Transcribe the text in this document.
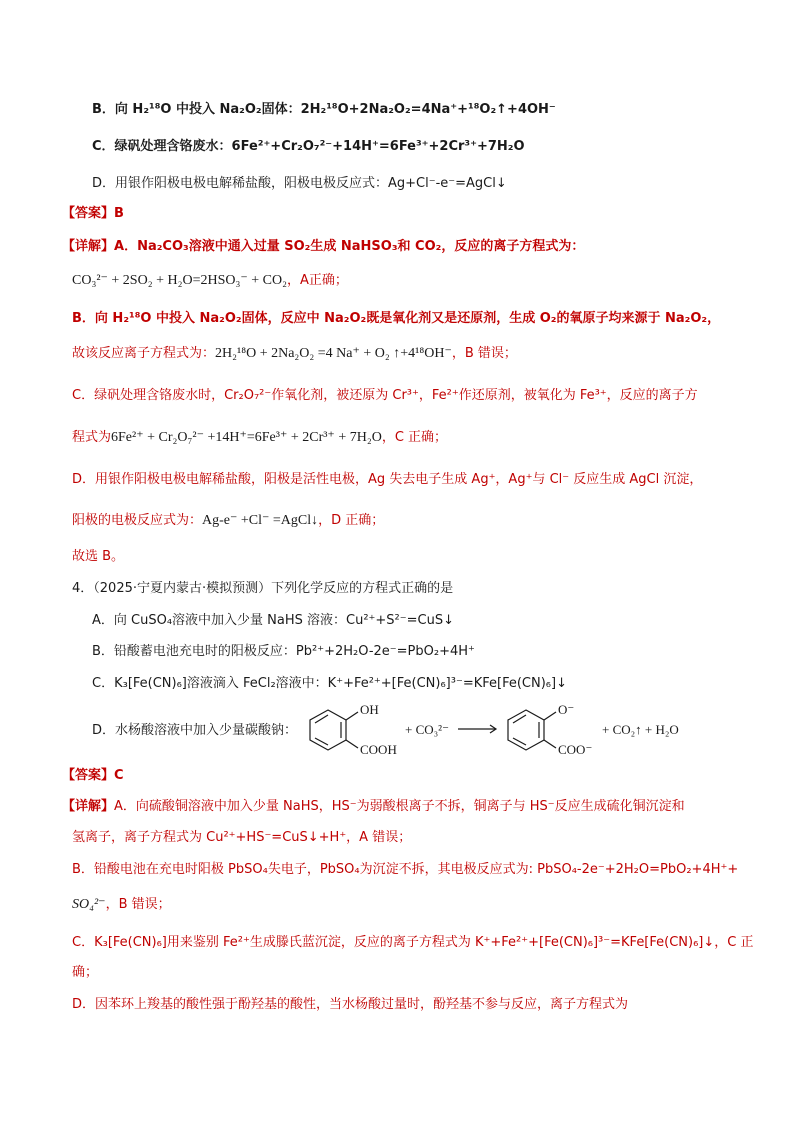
B．向 H₂¹⁸O 中投入 Na₂O₂固体：2H₂¹⁸O+2Na₂O₂=4Na⁺+¹⁸O₂↑+4OH⁻
C．绿矾处理含铬废水：6Fe²⁺+Cr₂O₇²⁻+14H⁺=6Fe³⁺+2Cr³⁺+7H₂O
D．用银作阳极电极电解稀盐酸，阳极电极反应式：Ag+Cl⁻-e⁻=AgCl↓
【答案】B
【详解】A．Na₂CO₃溶液中通入过量 SO₂生成 NaHSO₃和 CO₂，反应的离子方程式为：
CO₃²⁻ + 2SO₂ + H₂O=2HSO₃⁻ + CO₂，A正确；
B．向 H₂¹⁸O 中投入 Na₂O₂固体，反应中 Na₂O₂既是氧化剂又是还原剂，生成 O₂的氧原子均来源于 Na₂O₂，
故该反应离子方程式为：2H₂¹⁸O + 2Na₂O₂ =4 Na⁺ + O₂ ↑+4¹⁸OH⁻，B 错误；
C．绿矾处理含铬废水时，Cr₂O₇²⁻作氧化剂，被还原为 Cr³⁺，Fe²⁺作还原剂，被氧化为 Fe³⁺，反应的离子方
程式为6Fe²⁺ + Cr₂O₇²⁻ +14H⁺=6Fe³⁺ + 2Cr³⁺ + 7H₂O，C 正确；
D．用银作阳极电极电解稀盐酸，阳极是活性电极，Ag 失去电子生成 Ag⁺，Ag⁺与 Cl⁻ 反应生成 AgCl 沉淀，
阳极的电极反应式为：Ag-e⁻ +Cl⁻ =AgCl↓，D 正确；
故选 B。
4．（2025·宁夏内蒙古·模拟预测）下列化学反应的方程式正确的是
A．向 CuSO₄溶液中加入少量 NaHS 溶液：Cu²⁺+S²⁻=CuS↓
B．铅酸蓄电池充电时的阳极反应：Pb²⁺+2H₂O-2e⁻=PbO₂+4H⁺
C．K₃[Fe(CN)₆]溶液滴入 FeCl₂溶液中：K⁺+Fe²⁺+[Fe(CN)₆]³⁻=KFe[Fe(CN)₆]↓
D．水杨酸溶液中加入少量碳酸钠：
OH
COOH
+ CO₃²⁻
O⁻
COO⁻
+ CO₂↑ + H₂O
【答案】C
【详解】A．向硫酸铜溶液中加入少量 NaHS，HS⁻为弱酸根离子不拆，铜离子与 HS⁻反应生成硫化铜沉淀和
氢离子，离子方程式为 Cu²⁺+HS⁻=CuS↓+H⁺，A 错误；
B．铅酸电池在充电时阳极 PbSO₄失电子，PbSO₄为沉淀不拆，其电极反应式为: PbSO₄-2e⁻+2H₂O=PbO₂+4H⁺+
SO₄²⁻，B 错误；
C．K₃[Fe(CN)₆]用来鉴别 Fe²⁺生成滕氏蓝沉淀，反应的离子方程式为 K⁺+Fe²⁺+[Fe(CN)₆]³⁻=KFe[Fe(CN)₆]↓，C 正
确；
D．因苯环上羧基的酸性强于酚羟基的酸性，当水杨酸过量时，酚羟基不参与反应，离子方程式为
